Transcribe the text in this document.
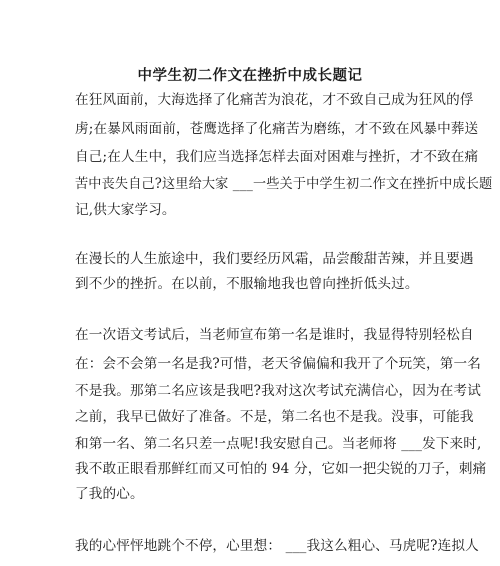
中学生初二作文在挫折中成长题记
在狂风面前，大海选择了化痛苦为浪花，才不致自己成为狂风的俘
虏;在暴风雨面前，苍鹰选择了化痛苦为磨练，才不致在风暴中葬送
自己;在人生中，我们应当选择怎样去面对困难与挫折，才不致在痛
苦中丧失自己?这里给大家 ___一些关于中学生初二作文在挫折中成长题
记,供大家学习。
在漫长的人生旅途中，我们要经历风霜，品尝酸甜苦辣，并且要遇
到不少的挫折。在以前，不服输地我也曾向挫折低头过。
在一次语文考试后，当老师宣布第一名是谁时，我显得特别轻松自
在：会不会第一名是我?可惜，老天爷偏偏和我开了个玩笑，第一名
不是我。那第二名应该是我吧?我对这次考试充满信心，因为在考试
之前，我早已做好了准备。不是，第二名也不是我。没事，可能我
和第一名、第二名只差一点呢!我安慰自己。当老师将 ___发下来时,
我不敢正眼看那鲜红而又可怕的 94 分，它如一把尖锐的刀子，刺痛
了我的心。
我的心怦怦地跳个不停，心里想： ___我这么粗心、马虎呢?连拟人
